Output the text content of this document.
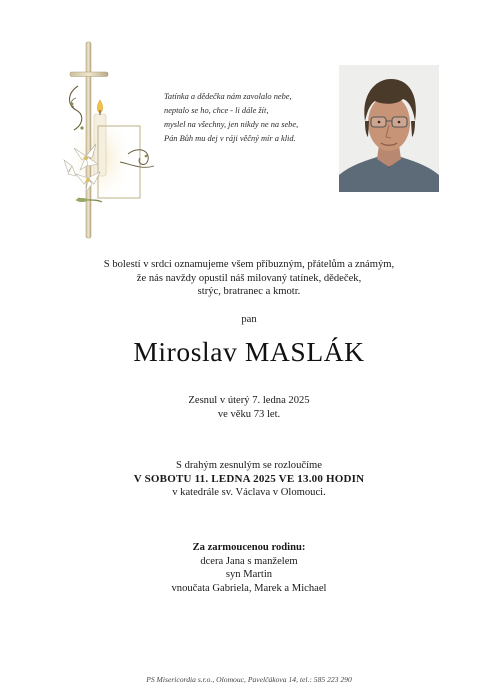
Tatínka a dědečka nám zavolalo nebe,
neptalo se ho, chce - li dále žít,
myslel na všechny, jen nikdy ne na sebe,
Pán Bůh mu dej v ráji věčný mír a klid.
S bolestí v srdci oznamujeme všem příbuzným, přátelům a známým,
že nás navždy opustil náš milovaný tatínek, dědeček,
strýc, bratranec a kmotr.
pan
Miroslav MASLÁK
Zesnul v úterý 7. ledna 2025
ve věku 73 let.
S drahým zesnulým se rozloučíme
V SOBOTU 11. LEDNA 2025 VE 13.00 HODIN
v katedrále sv. Václava v Olomouci.
Za zarmoucenou rodinu:
dcera Jana s manželem
syn Martin
vnoučata Gabriela, Marek a Michael
PS Misericordia s.r.o., Olomouc, Pavelčákova 14, tel.: 585 223 290
